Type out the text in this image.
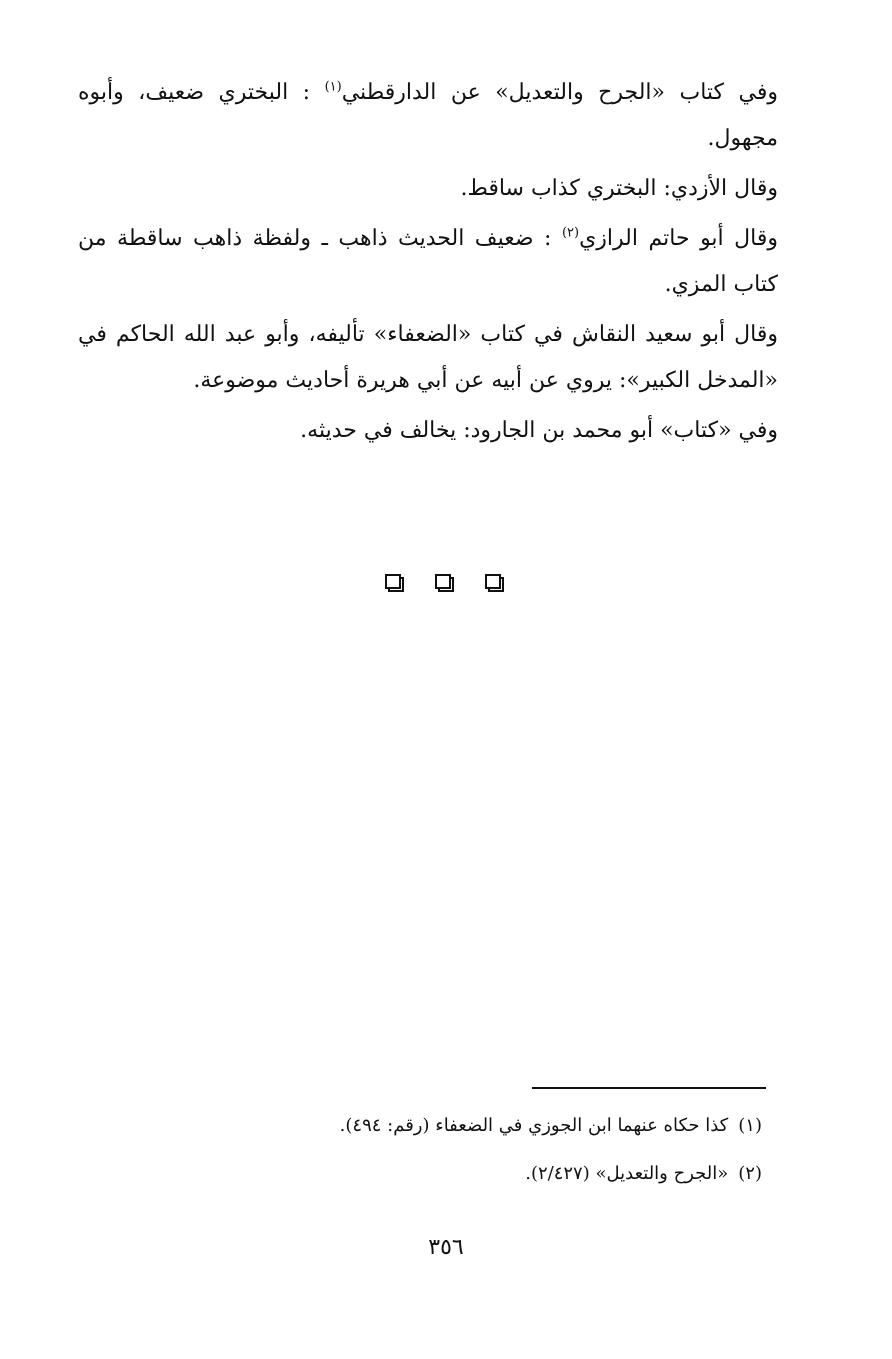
وفي كتاب «الجرح والتعديل» عن الدارقطني$^{(١)}$ : البختري ضعيف، وأبوه مجهول.

وقال الأزدي: البختري كذاب ساقط.

وقال أبو حاتم الرازي$^{(٢)}$ : ضعيف الحديث ذاهب ـ ولفظة ذاهب ساقطة من كتاب المزي.

وقال أبو سعيد النقاش في كتاب «الضعفاء» تأليفه، وأبو عبد الله الحاكم في «المدخل الكبير»: يروي عن أبيه عن أبي هريرة أحاديث موضوعة.

وفي «كتاب» أبو محمد بن الجارود: يخالف في حديثه.

(١)كذا حكاه عنهما ابن الجوزي في الضعفاء (رقم: ٤٩٤).

(٢)«الجرح والتعديل» (٢/٤٢٧).

٣٥٦
